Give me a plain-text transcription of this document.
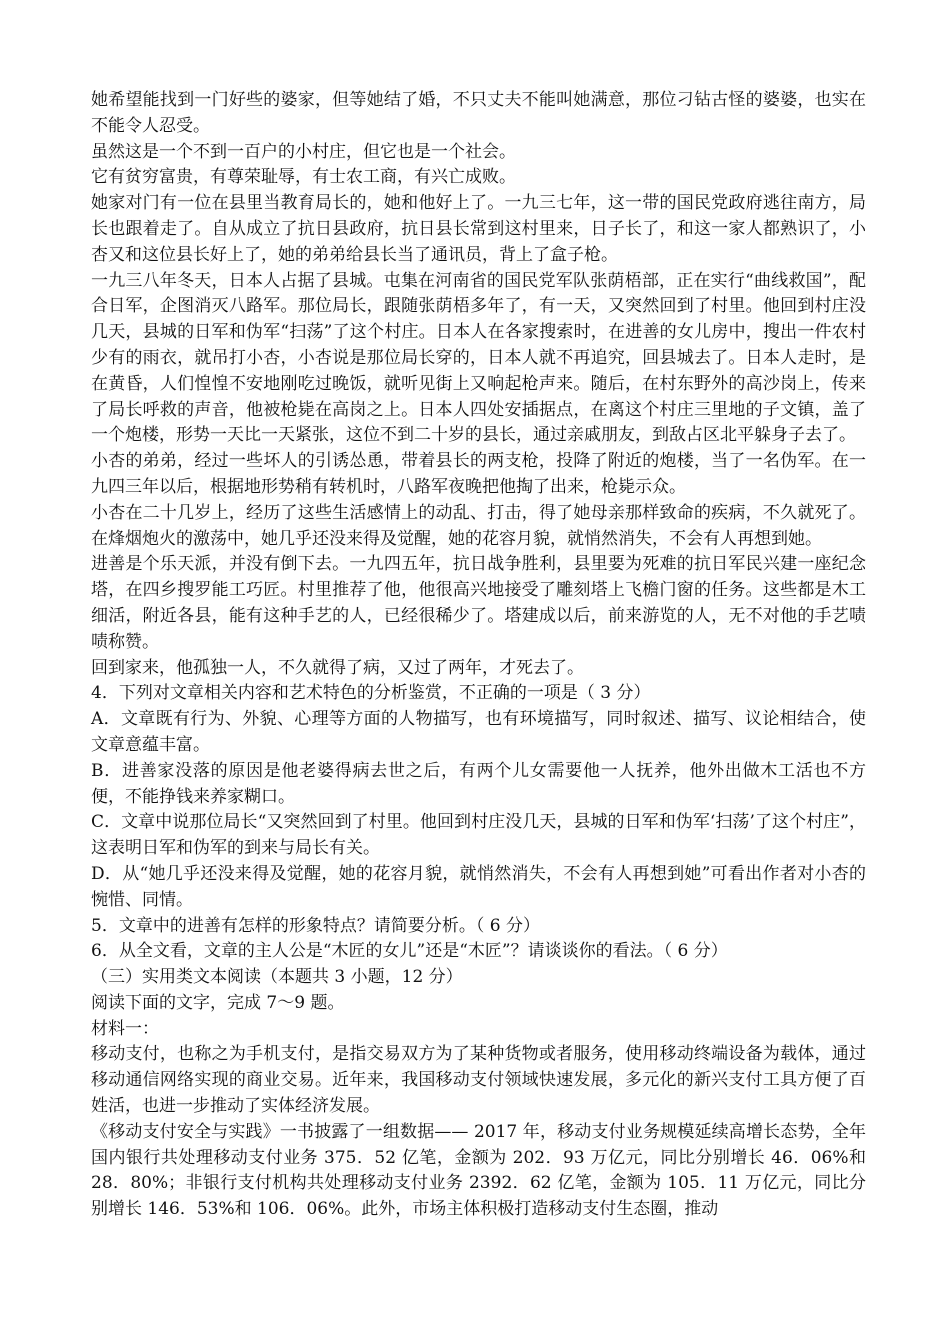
她希望能找到一门好些的婆家，但等她结了婚，不只丈夫不能叫她满意，那位刁钻古怪的婆婆，也实在不能令人忍受。

虽然这是一个不到一百户的小村庄，但它也是一个社会。

它有贫穷富贵，有尊荣耻辱，有士农工商，有兴亡成败。

她家对门有一位在县里当教育局长的，她和他好上了。一九三七年，这一带的国民党政府逃往南方，局长也跟着走了。自从成立了抗日县政府，抗日县长常到这村里来，日子长了，和这一家人都熟识了，小杏又和这位县长好上了，她的弟弟给县长当了通讯员，背上了盒子枪。

一九三八年冬天，日本人占据了县城。屯集在河南省的国民党军队张荫梧部，正在实行“曲线救国”，配合日军，企图消灭八路军。那位局长，跟随张荫梧多年了，有一天，又突然回到了村里。他回到村庄没几天，县城的日军和伪军“扫荡”了这个村庄。日本人在各家搜索时，在进善的女儿房中，搜出一件农村少有的雨衣，就吊打小杏，小杏说是那位局长穿的，日本人就不再追究，回县城去了。日本人走时，是在黄昏，人们惶惶不安地刚吃过晚饭，就听见街上又响起枪声来。随后，在村东野外的高沙岗上，传来了局长呼救的声音，他被枪毙在高岗之上。日本人四处安插据点，在离这个村庄三里地的子文镇，盖了一个炮楼，形势一天比一天紧张，这位不到二十岁的县长，通过亲戚朋友，到敌占区北平躲身子去了。

小杏的弟弟，经过一些坏人的引诱怂恿，带着县长的两支枪，投降了附近的炮楼，当了一名伪军。在一九四三年以后，根据地形势稍有转机时，八路军夜晚把他掏了出来，枪毙示众。

小杏在二十几岁上，经历了这些生活感情上的动乱、打击，得了她母亲那样致命的疾病，不久就死了。在烽烟炮火的激荡中，她几乎还没来得及觉醒，她的花容月貌，就悄然消失，不会有人再想到她。

进善是个乐天派，并没有倒下去。一九四五年，抗日战争胜利，县里要为死难的抗日军民兴建一座纪念塔，在四乡搜罗能工巧匠。村里推荐了他，他很高兴地接受了雕刻塔上飞檐门窗的任务。这些都是木工细活，附近各县，能有这种手艺的人，已经很稀少了。塔建成以后，前来游览的人，无不对他的手艺啧啧称赞。

回到家来，他孤独一人，不久就得了病，又过了两年，才死去了。

4．下列对文章相关内容和艺术特色的分析鉴赏，不正确的一项是（ 3 分）

A．文章既有行为、外貌、心理等方面的人物描写，也有环境描写，同时叙述、描写、议论相结合，使文章意蕴丰富。

B．进善家没落的原因是他老婆得病去世之后，有两个儿女需要他一人抚养，他外出做木工活也不方便，不能挣钱来养家糊口。

C．文章中说那位局长“又突然回到了村里。他回到村庄没几天，县城的日军和伪军‘扫荡’了这个村庄”，这表明日军和伪军的到来与局长有关。

D．从“她几乎还没来得及觉醒，她的花容月貌，就悄然消失，不会有人再想到她”可看出作者对小杏的惋惜、同情。

5．文章中的进善有怎样的形象特点？请简要分析。（ 6 分）

6．从全文看，文章的主人公是“木匠的女儿”还是“木匠”？请谈谈你的看法。（ 6 分）

（三）实用类文本阅读（本题共 3 小题，12 分）

阅读下面的文字，完成 7～9 题。

材料一：

移动支付，也称之为手机支付，是指交易双方为了某种货物或者服务，使用移动终端设备为载体，通过移动通信网络实现的商业交易。近年来，我国移动支付领域快速发展，多元化的新兴支付工具方便了百姓活，也进一步推动了实体经济发展。

《移动支付安全与实践》一书披露了一组数据—— 2017 年，移动支付业务规模延续高增长态势，全年国内银行共处理移动支付业务 375．52 亿笔，金额为 202．93 万亿元，同比分别增长 46．06%和 28．80%；非银行支付机构共处理移动支付业务 2392．62 亿笔，金额为 105．11 万亿元，同比分别增长 146．53%和 106．06%。此外，市场主体积极打造移动支付生态圈，推动
